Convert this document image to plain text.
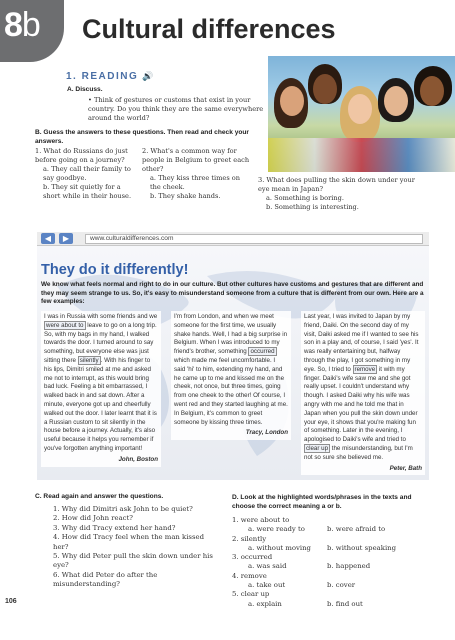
8b Cultural differences
1. READING 🔊
A. Discuss.
• Think of gestures or customs that exist in your country. Do you think they are the same everywhere around the world?
B. Guess the answers to these questions. Then read and check your answers.
1. What do Russians do just before going on a journey?
a. They call their family to say goodbye.
b. They sit quietly for a short while in their house.
2. What's a common way for people in Belgium to greet each other?
a. They kiss three times on the cheek.
b. They shake hands.
3. What does pulling the skin down under your eye mean in Japan?
a. Something is boring.
b. Something is interesting.
◀	▶	www.culturaldifferences.com
They do it differently!
We know what feels normal and right to do in our culture. But other cultures have customs and gestures that are different and they may seem strange to us. So, it's easy to misunderstand someone from a culture that is different from our own. Here are a few examples:
I was in Russia with some friends and we were about to leave to go on a long trip. So, with my bags in my hand, I walked towards the door. I turned around to say something, but everyone else was just sitting there silently . With his finger to his lips, Dimitri smiled at me and asked me not to interrupt, as this would bring bad luck. Feeling a bit embarrassed, I walked back in and sat down. After a minute, everyone got up and cheerfully walked out the door. I later learnt that it is a Russian custom to sit silently in the house before a journey. Actually, it's also useful because it helps you remember if you've forgotten anything important!
John, Boston
I'm from London, and when we meet someone for the first time, we usually shake hands. Well, I had a big surprise in Belgium. When I was introduced to my friend's brother, something occurred which made me feel uncomfortable. I said 'hi' to him, extending my hand, and he came up to me and kissed me on the cheek, not once, but three times, going from one cheek to the other! Of course, I went red and they started laughing at me. In Belgium, it's common to greet someone by kissing three times.
Tracy, London
Last year, I was invited to Japan by my friend, Daiki. On the second day of my visit, Daiki asked me if I wanted to see his son in a play and, of course, I said 'yes'. It was really entertaining but, halfway through the play, I got something in my eye. So, I tried to remove it with my finger. Daiki's wife saw me and she got really upset. I couldn't understand why though. I asked Daiki why his wife was angry with me and he told me that in Japan when you pull the skin down under your eye, it shows that you're making fun of something. Later in the evening, I apologised to Daiki's wife and tried to clear up the misunderstanding, but I'm not so sure she believed me.
Peter, Bath
C. Read again and answer the questions.
1. Why did Dimitri ask John to be quiet?
2. How did John react?
3. Why did Tracy extend her hand?
4. How did Tracy feel when the man kissed her?
5. Why did Peter pull the skin down under his eye?
6. What did Peter do after the misunderstanding?
D. Look at the highlighted words/phrases in the texts and choose the correct meaning a or b.
1. were about to
a. were ready to	b. were afraid to
2. silently
a. without moving b. without speaking
3. occurred
a. was said	b. happened
4. remove
a. take out	b. cover
5. clear up
a. explain	b. find out
106
